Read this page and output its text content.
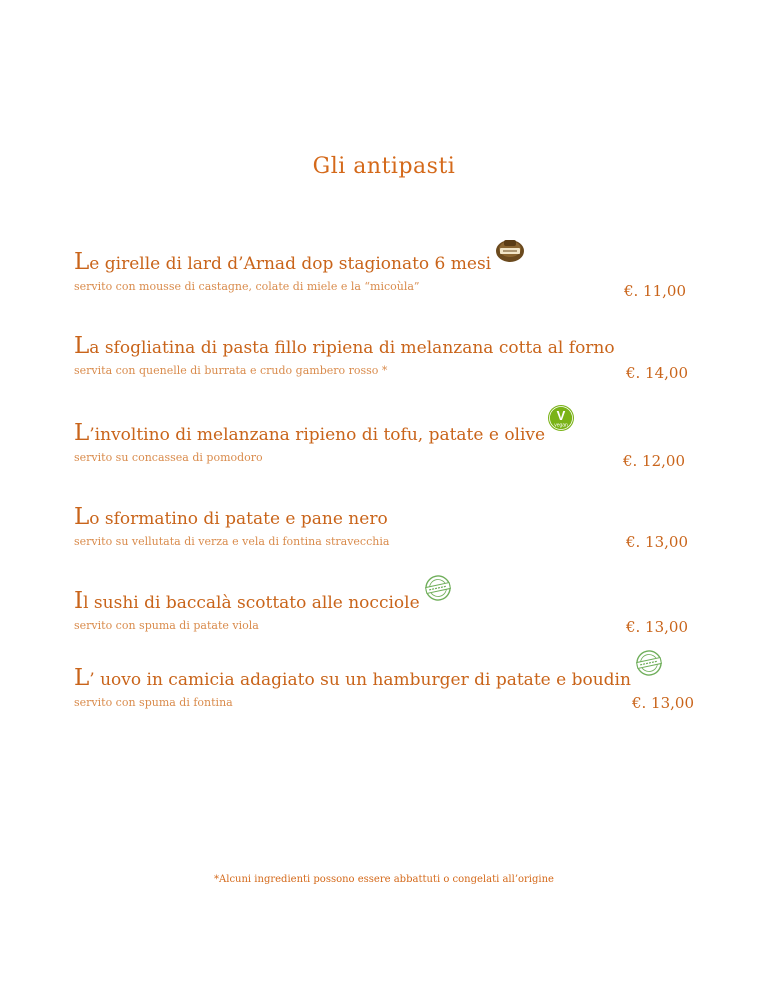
Gli antipasti
L e girelle di lard d’Arnad dop stagionato 6 mesi
servito con mousse di castagne, colate di miele e la “micoùla”	€. 11,00
L a sfogliatina di pasta fillo ripiena di melanzana cotta al forno
servita con quenelle di burrata e crudo gambero rosso *	€. 14,00
L ’involtino di melanzana ripieno di tofu, patate e olive
V
vegan
servito su concassea di pomodoro	€. 12,00
L o sformatino di patate e pane nero
servito su vellutata di verza e vela di fontina stravecchia	€. 13,00
I l sushi di baccalà scottato alle nocciole
servito con spuma di patate viola	€. 13,00
L ’ uovo in camicia adagiato su un hamburger di patate e boudin
servito con spuma di fontina	€. 13,00
*Alcuni ingredienti possono essere abbattuti o congelati all’origine
